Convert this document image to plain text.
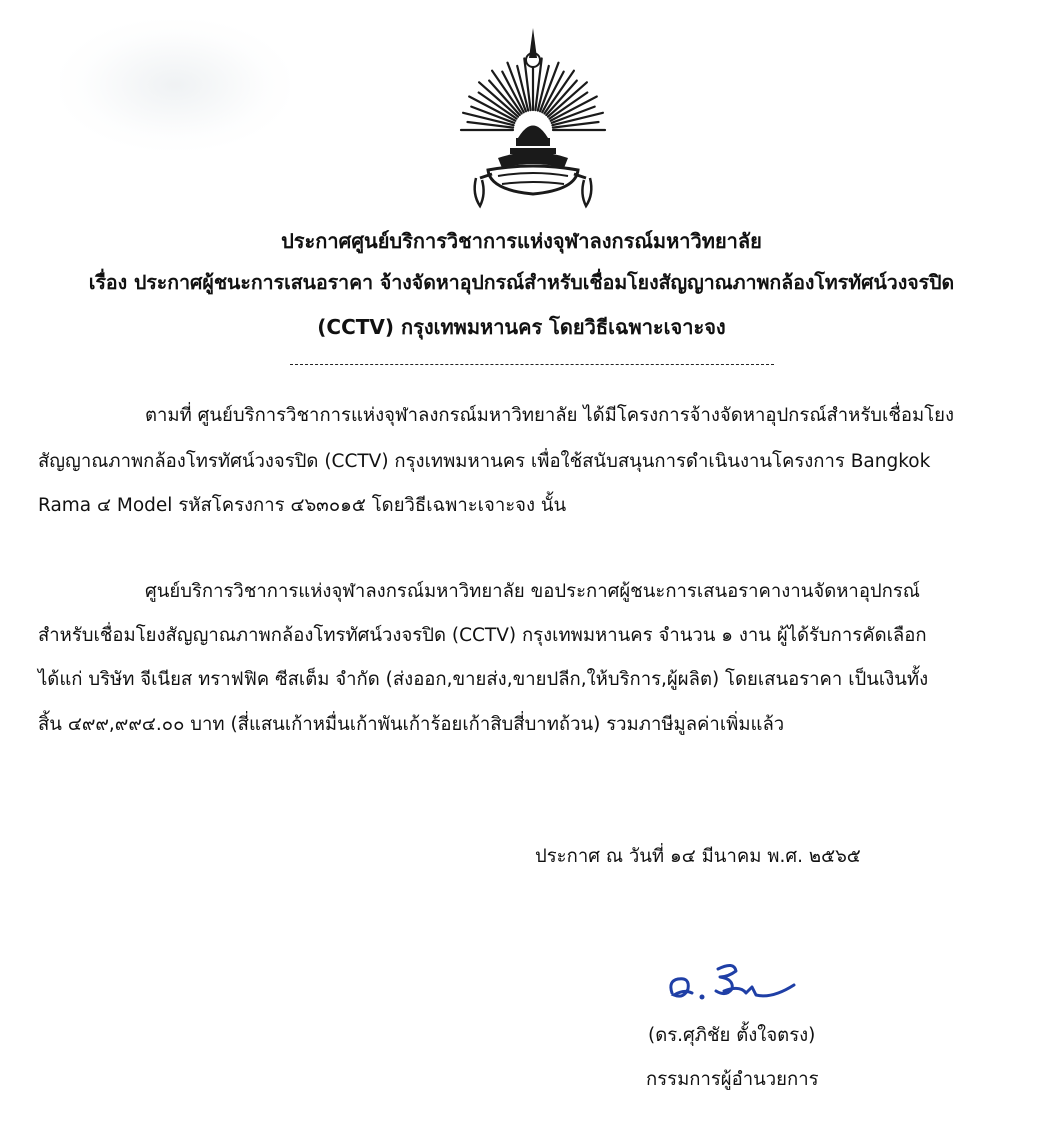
ประกาศศูนย์บริการวิชาการแห่งจุฬาลงกรณ์มหาวิทยาลัย
เรื่อง ประกาศผู้ชนะการเสนอราคา จ้างจัดหาอุปกรณ์สำหรับเชื่อมโยงสัญญาณภาพกล้องโทรทัศน์วงจรปิด
(CCTV) กรุงเทพมหานคร โดยวิธีเฉพาะเจาะจง
ตามที่ ศูนย์บริการวิชาการแห่งจุฬาลงกรณ์มหาวิทยาลัย ได้มีโครงการจ้างจัดหาอุปกรณ์สำหรับเชื่อมโยง
สัญญาณภาพกล้องโทรทัศน์วงจรปิด (CCTV) กรุงเทพมหานคร เพื่อใช้สนับสนุนการดำเนินงานโครงการ Bangkok
Rama ๔ Model รหัสโครงการ ๔๖๓๐๑๕ โดยวิธีเฉพาะเจาะจง นั้น
ศูนย์บริการวิชาการแห่งจุฬาลงกรณ์มหาวิทยาลัย ขอประกาศผู้ชนะการเสนอราคางานจัดหาอุปกรณ์
สำหรับเชื่อมโยงสัญญาณภาพกล้องโทรทัศน์วงจรปิด (CCTV) กรุงเทพมหานคร จำนวน ๑ งาน ผู้ได้รับการคัดเลือก
ได้แก่ บริษัท จีเนียส ทราฟฟิค ซีสเต็ม จำกัด (ส่งออก,ขายส่ง,ขายปลีก,ให้บริการ,ผู้ผลิต) โดยเสนอราคา เป็นเงินทั้ง
สิ้น ๔๙๙,๙๙๔.๐๐ บาท (สี่แสนเก้าหมื่นเก้าพันเก้าร้อยเก้าสิบสี่บาทถ้วน) รวมภาษีมูลค่าเพิ่มแล้ว
ประกาศ ณ วันที่ ๑๔ มีนาคม พ.ศ. ๒๕๖๕
(ดร.ศุภิชัย ตั้งใจตรง)
กรรมการผู้อำนวยการ
